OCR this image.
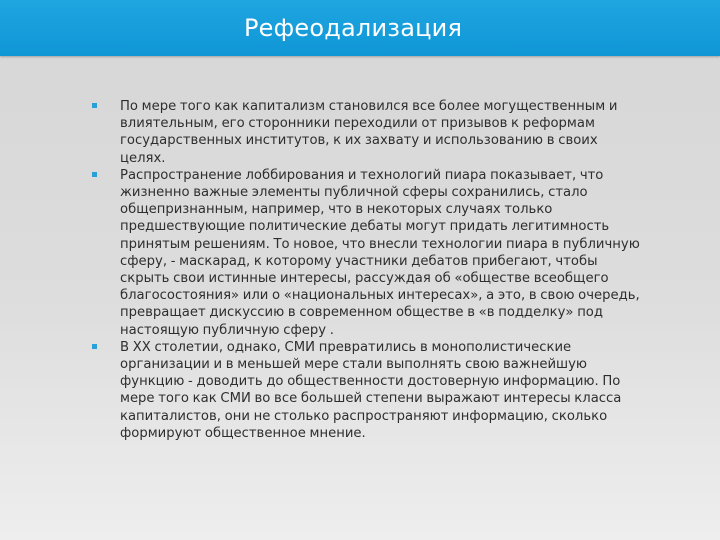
Рефеодализация
По мере того как капитализм становился все более могущественным и влиятельным, его сторонники переходили от призывов к реформам государственных институтов, к их захвату и использованию в своих целях.
Распространение лоббирования и технологий пиара показывает, что жизненно важные элементы публичной сферы сохранились, стало общепризнанным, например, что в некоторых случаях только предшествующие политические дебаты могут придать легитимность принятым решениям. То новое, что внесли технологии пиара в публичную сферу, - маскарад, к которому участники дебатов прибегают, чтобы скрыть свои истинные интересы, рассуждая об «обществе всеобщего благосостояния» или о «национальных интересах», а это, в свою очередь, превращает дискуссию в современном обществе в «в подделку» под настоящую публичную сферу .
В XX столетии, однако, СМИ превратились в монополистические организации и в меньшей мере стали выполнять свою важнейшую функцию - доводить до общественности достоверную информацию. По мере того как СМИ во все большей степени выражают интересы класса капиталистов, они не столько распространяют информацию, сколько формируют общественное мнение.
